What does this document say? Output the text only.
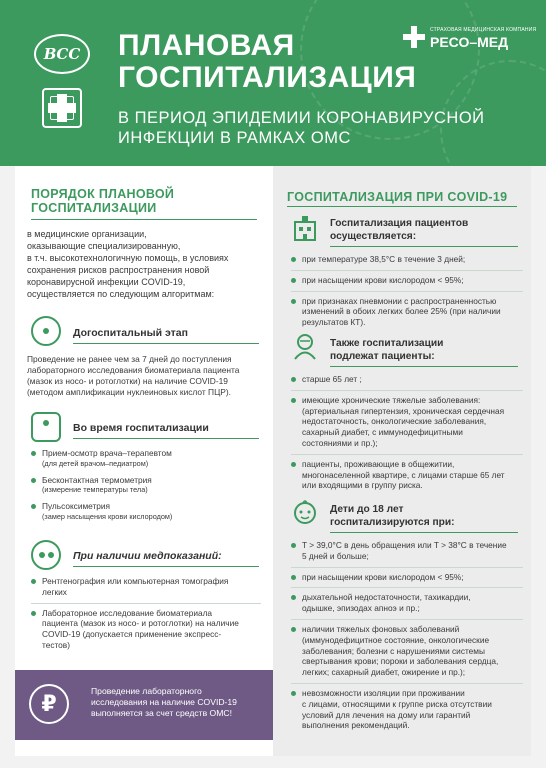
ВСС ПЛАНОВАЯ
ГОСПИТАЛИЗАЦИЯ
В ПЕРИОД ЭПИДЕМИИ КОРОНАВИРУСНОЙ
ИНФЕКЦИИ В РАМКАХ ОМС
СТРАХОВАЯ МЕДИЦИНСКАЯ КОМПАНИЯ
РЕСО–МЕД
ПОРЯДОК ПЛАНОВОЙ
ГОСПИТАЛИЗАЦИИ
в медицинские организации,
оказывающие специализированную,
в т.ч. высокотехнологичную помощь, в условиях
сохранения рисков распространения новой
коронавирусной инфекции COVID-19,
осуществляется по следующим алгоритмам:
Догоспитальный этап
Проведение не ранее чем за 7 дней до поступления
лабораторного исследования биоматериала пациента
(мазок из носо- и ротоглотки) на наличие COVID-19
(методом амплификации нуклеиновых кислот ПЦР).
Во время госпитализации
Прием-осмотр врача–терапевтом
(для детей врачом–педиатром)
Бесконтактная термометрия
(измерение температуры тела)
Пульсоксиметрия
(замер насыщения крови кислородом)
При наличии медпоказаний:
Рентгенография или компьютерная томография
легких
Лабораторное исследование биоматериала
пациента (мазок из носо- и ротоглотки) на наличие
COVID-19 (допускается применение экспресс-
тестов)
₽	Проведение лабораторного
исследования на наличие COVID-19
выполняется за счет средств ОМС!
ГОСПИТАЛИЗАЦИЯ ПРИ COVID-19
Госпитализация пациентов
осуществляется:
при температуре 38,5°С в течение 3 дней;
при насыщении крови кислородом < 95%;
при признаках пневмонии с распространенностью
изменений в обоих легких более 25% (при наличии
результатов КТ).
Также госпитализации
подлежат пациенты:
старше 65 лет ;
имеющие хронические тяжелые заболевания:
(артериальная гипертензия, хроническая сердечная
недостаточность, онкологические заболевания,
сахарный диабет, с иммунодефицитными
состояниями и пр.);
пациенты, проживающие в общежитии,
многонаселенной квартире, с лицами старше 65 лет
или входящими в группу риска.
Дети до 18 лет
госпитализируются при:
T > 39,0°С в день обращения или T > 38°С в течение
5 дней и больше;
при насыщении крови кислородом < 95%;
дыхательной недостаточности, тахикардии,
одышке, эпизодах апноэ и пр.;
наличии тяжелых фоновых заболеваний
(иммунодефицитное состояние, онкологические
заболевания; болезни с нарушениями системы
свертывания крови; пороки и заболевания сердца,
легких; сахарный диабет, ожирение и пр.);
невозможности изоляции при проживании
с лицами, относящими к группе риска отсутствии
условий для лечения на дому или гарантий
выполнения рекомендаций.
